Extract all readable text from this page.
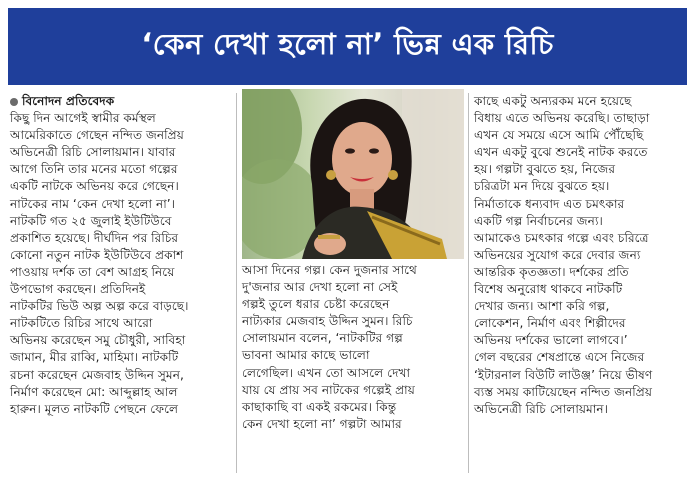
‘কেন দেখা হলো না’ ভিন্ন এক রিচি
বিনোদন প্রতিবেদক

কিছু দিন আগেই স্বামীর কর্মস্থল

আমেরিকাতে গেছেন নন্দিত জনপ্রিয়

অভিনেত্রী রিচি সোলায়মান। যাবার

আগে তিনি তার মনের মতো গল্পের

একটি নাটকে অভিনয় করে গেছেন।

নাটকের নাম ‘কেন দেখা হলো না’।

নাটকটি গত ২৫ জুলাই ইউটিউবে

প্রকাশিত হয়েছে। দীর্ঘদিন পর রিচির

কোনো নতুন নাটক ইউটিউবে প্রকাশ

পাওয়ায় দর্শক তা বেশ আগ্রহ নিয়ে

উপভোগ করছেন। প্রতিদিনই

নাটকটির ভিউ অল্প অল্প করে বাড়ছে।

নাটকটিতে রিচির সাথে আরো

অভিনয় করেছেন সমু চৌধুরী, সাবিহা

জামান, মীর রাব্বি, মাহিমা। নাটকটি

রচনা করেছেন মেজবাহ উদ্দিন সুমন,

নির্মাণ করেছেন মো: আব্দুল্লাহ আল

হারুন। মূলত নাটকটি পেছনে ফেলে

আসা দিনের গল্প। কেন দুজনার সাথে

দু'জনার আর দেখা হলো না সেই

গল্পই তুলে ধরার চেষ্টা করেছেন

নাট্যকার মেজবাহ উদ্দিন সুমন। রিচি

সোলায়মান বলেন, ‘নাটকটির গল্প

ভাবনা আমার কাছে ভালো

লেগেছিল। এখন তো আসলে দেখা

যায় যে প্রায় সব নাটকের গল্পেই প্রায়

কাছাকাছি বা একই রকমের। কিন্তু

কেন দেখা হলো না’ গল্পটা আমার

কাছে একটু অন্যরকম মনে হয়েছে

বিধায় এতে অভিনয় করেছি। তাছাড়া

এখন যে সময়ে এসে আমি পৌঁছেছি

এখন একটু বুঝে শুনেই নাটক করতে

হয়। গল্পটা বুঝতে হয়, নিজের

চরিত্রটা মন দিয়ে বুঝতে হয়।

নির্মাতাকে ধন্যবাদ এত চমৎকার

একটি গল্প নির্বাচনের জন্য।

আমাকেও চমৎকার গল্পে এবং চরিত্রে

অভিনয়ের সুযোগ করে দেবার জন্য

আন্তরিক কৃতজ্ঞতা। দর্শকের প্রতি

বিশেষ অনুরোধ থাকবে নাটকটি

দেখার জন্য। আশা করি গল্প,

লোকেশন, নির্মাণ এবং শিল্পীদের

অভিনয় দর্শকের ভালো লাগবে।’

গেল বছরের শেষপ্রান্তে এসে নিজের

‘ইটারনাল বিউটি লাউঞ্জ’ নিয়ে ভীষণ

ব্যস্ত সময় কাটিয়েছেন নন্দিত জনপ্রিয়

অভিনেত্রী রিচি সোলায়মান।
